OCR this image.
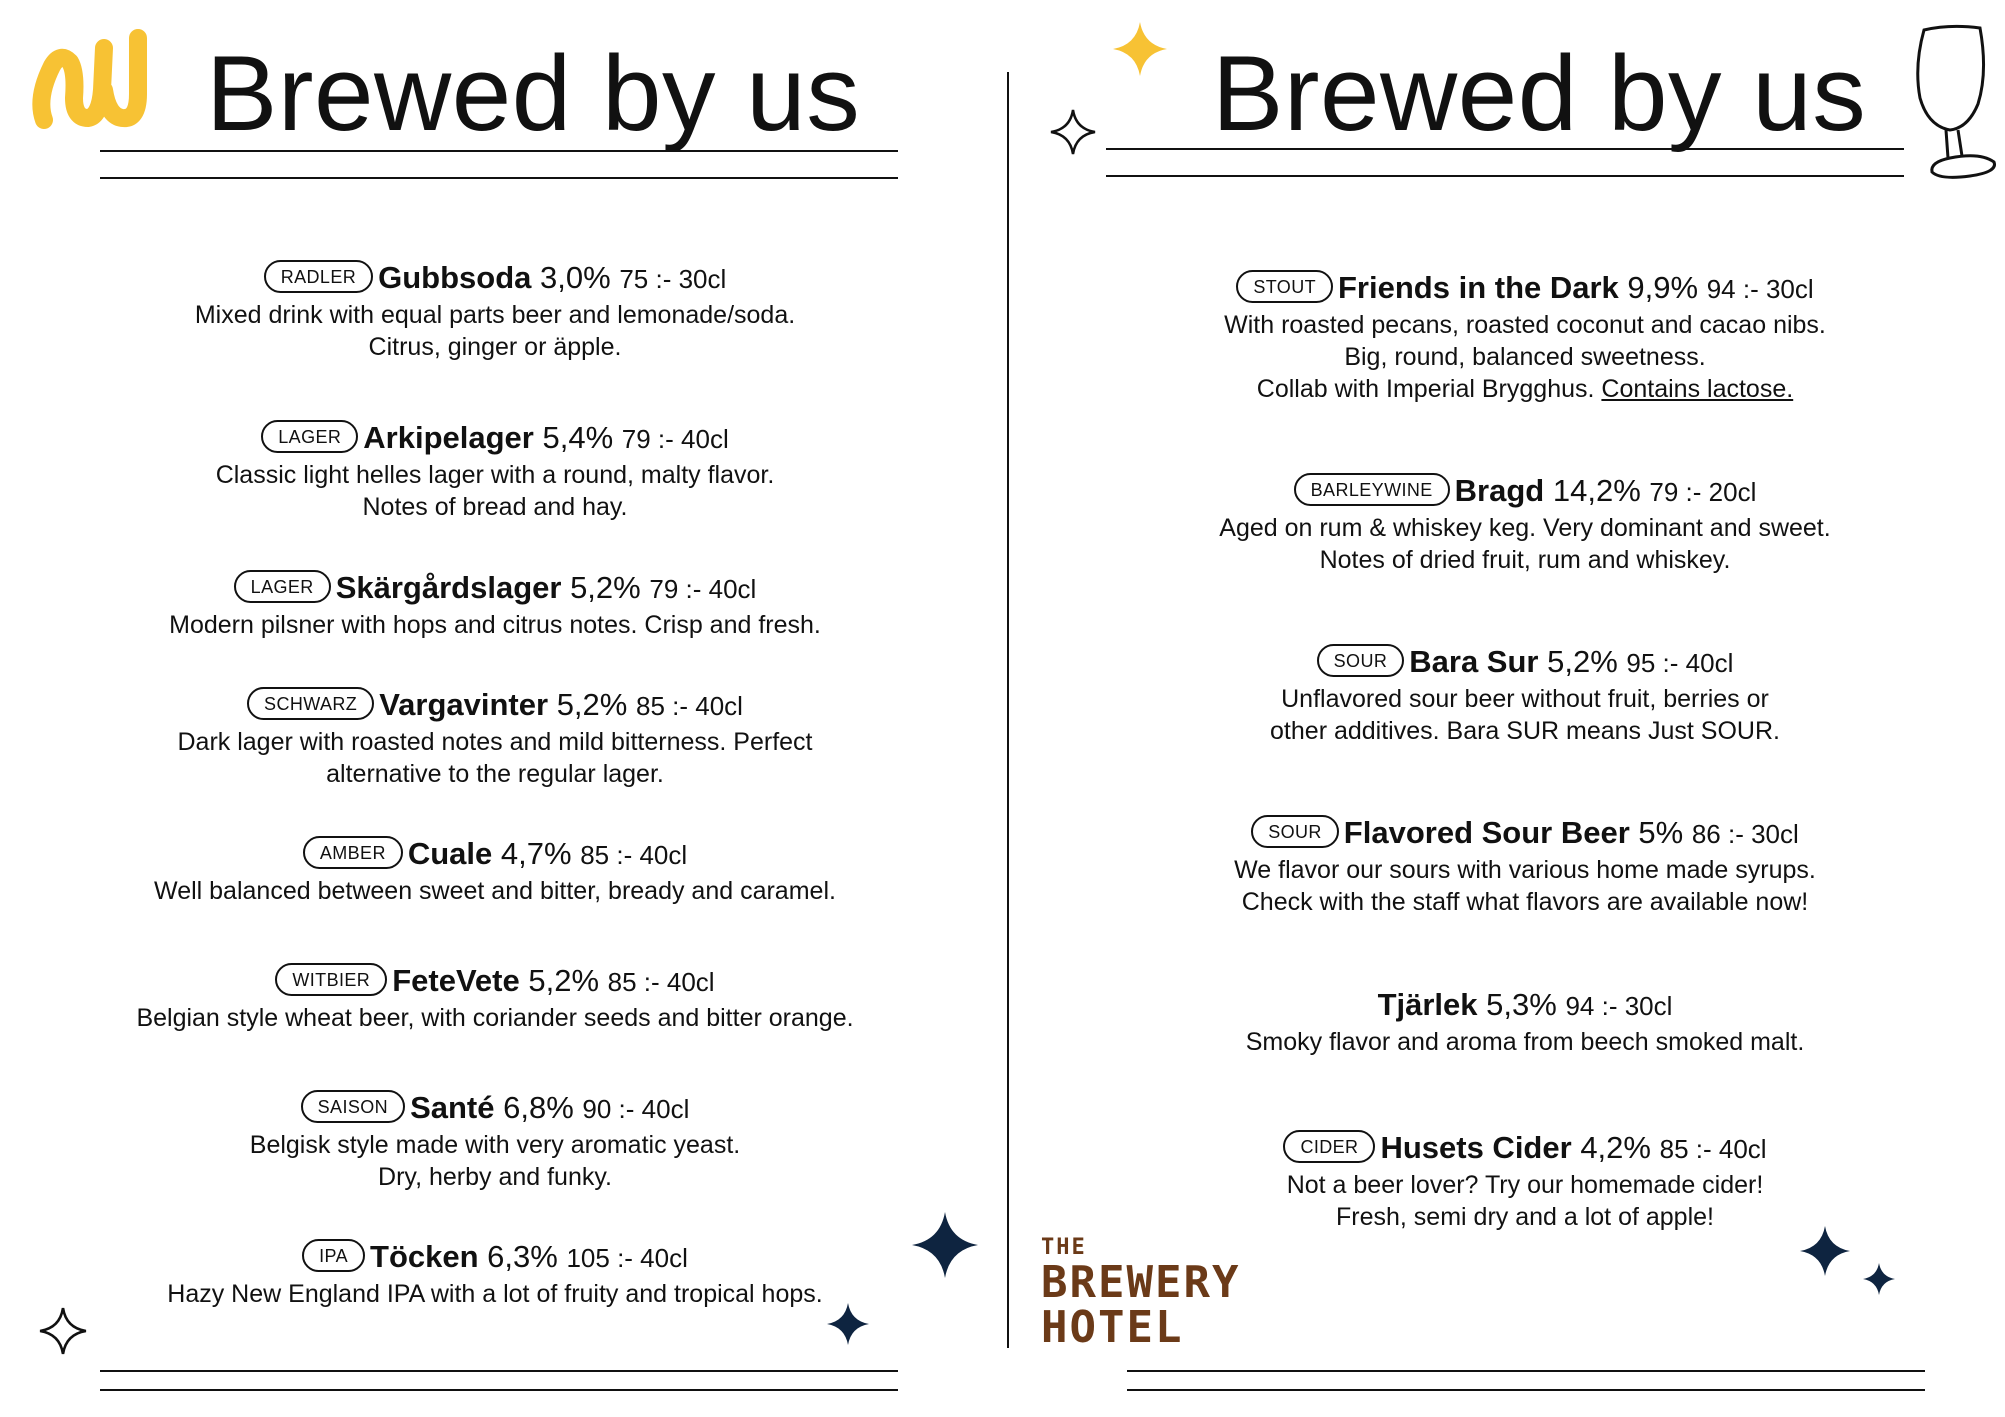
Brewed by us	Brewed by us
RADLER Gubbsoda 3,0% 75 :- 30cl
Mixed drink with equal parts beer and lemonade/soda.
Citrus, ginger or äpple.
LAGER Arkipelager 5,4% 79 :- 40cl
Classic light helles lager with a round, malty flavor.
Notes of bread and hay.
LAGER Skärgårdslager 5,2% 79 :- 40cl
Modern pilsner with hops and citrus notes. Crisp and fresh.
SCHWARZ Vargavinter 5,2% 85 :- 40cl
Dark lager with roasted notes and mild bitterness. Perfect
alternative to the regular lager.
AMBER Cuale 4,7% 85 :- 40cl
Well balanced between sweet and bitter, bready and caramel.
WITBIER FeteVete 5,2% 85 :- 40cl
Belgian style wheat beer, with coriander seeds and bitter orange.
SAISON Santé 6,8% 90 :- 40cl
Belgisk style made with very aromatic yeast.
Dry, herby and funky.
IPA Töcken 6,3% 105 :- 40cl
Hazy New England IPA with a lot of fruity and tropical hops.
STOUT Friends in the Dark 9,9% 94 :- 30cl
With roasted pecans, roasted coconut and cacao nibs.
Big, round, balanced sweetness.
Collab with Imperial Brygghus. Contains lactose.
BARLEYWINE Bragd 14,2% 79 :- 20cl
Aged on rum & whiskey keg. Very dominant and sweet.
Notes of dried fruit, rum and whiskey.
SOUR Bara Sur 5,2% 95 :- 40cl
Unflavored sour beer without fruit, berries or
other additives. Bara SUR means Just SOUR.
SOUR Flavored Sour Beer 5% 86 :- 30cl
We flavor our sours with various home made syrups.
Check with the staff what flavors are available now!
Tjärlek 5,3% 94 :- 30cl
Smoky flavor and aroma from beech smoked malt.
CIDER Husets Cider 4,2% 85 :- 40cl
Not a beer lover? Try our homemade cider!
Fresh, semi dry and a lot of apple!
THE
BREWERY
HOTEL
